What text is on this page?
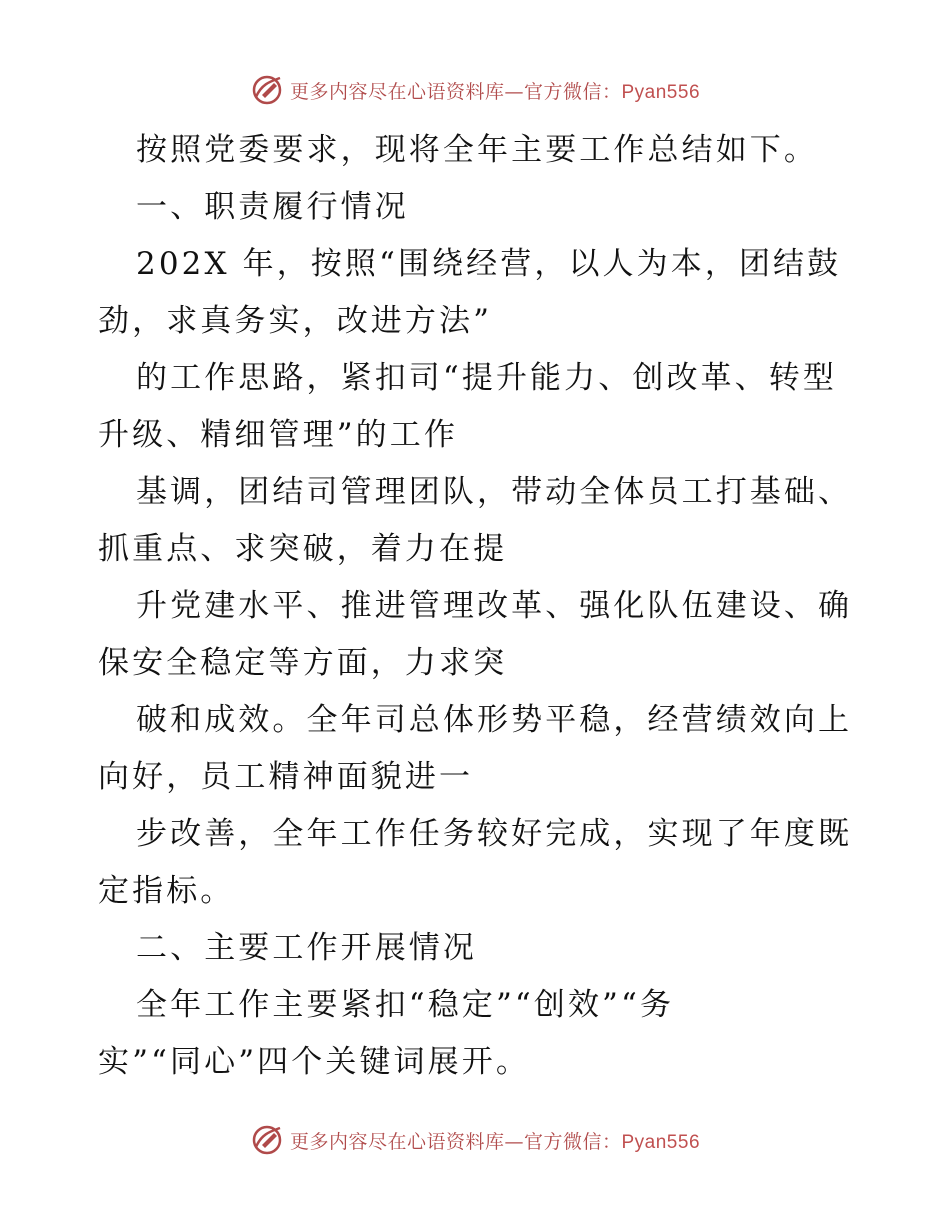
更多内容尽在心语资料库—官方微信：Pyan556

按照党委要求，现将全年主要工作总结如下。

一、职责履行情况

202X 年，按照“围绕经营，以人为本，团结鼓

劲，求真务实，改进方法”

的工作思路，紧扣司“提升能力、创改革、转型

升级、精细管理”的工作

基调，团结司管理团队，带动全体员工打基础、

抓重点、求突破，着力在提

升党建水平、推进管理改革、强化队伍建设、确

保安全稳定等方面，力求突

破和成效。全年司总体形势平稳，经营绩效向上

向好，员工精神面貌进一

步改善，全年工作任务较好完成，实现了年度既

定指标。

二、主要工作开展情况

全年工作主要紧扣“稳定”“创效”“务

实”“同心”四个关键词展开。

更多内容尽在心语资料库—官方微信：Pyan556
